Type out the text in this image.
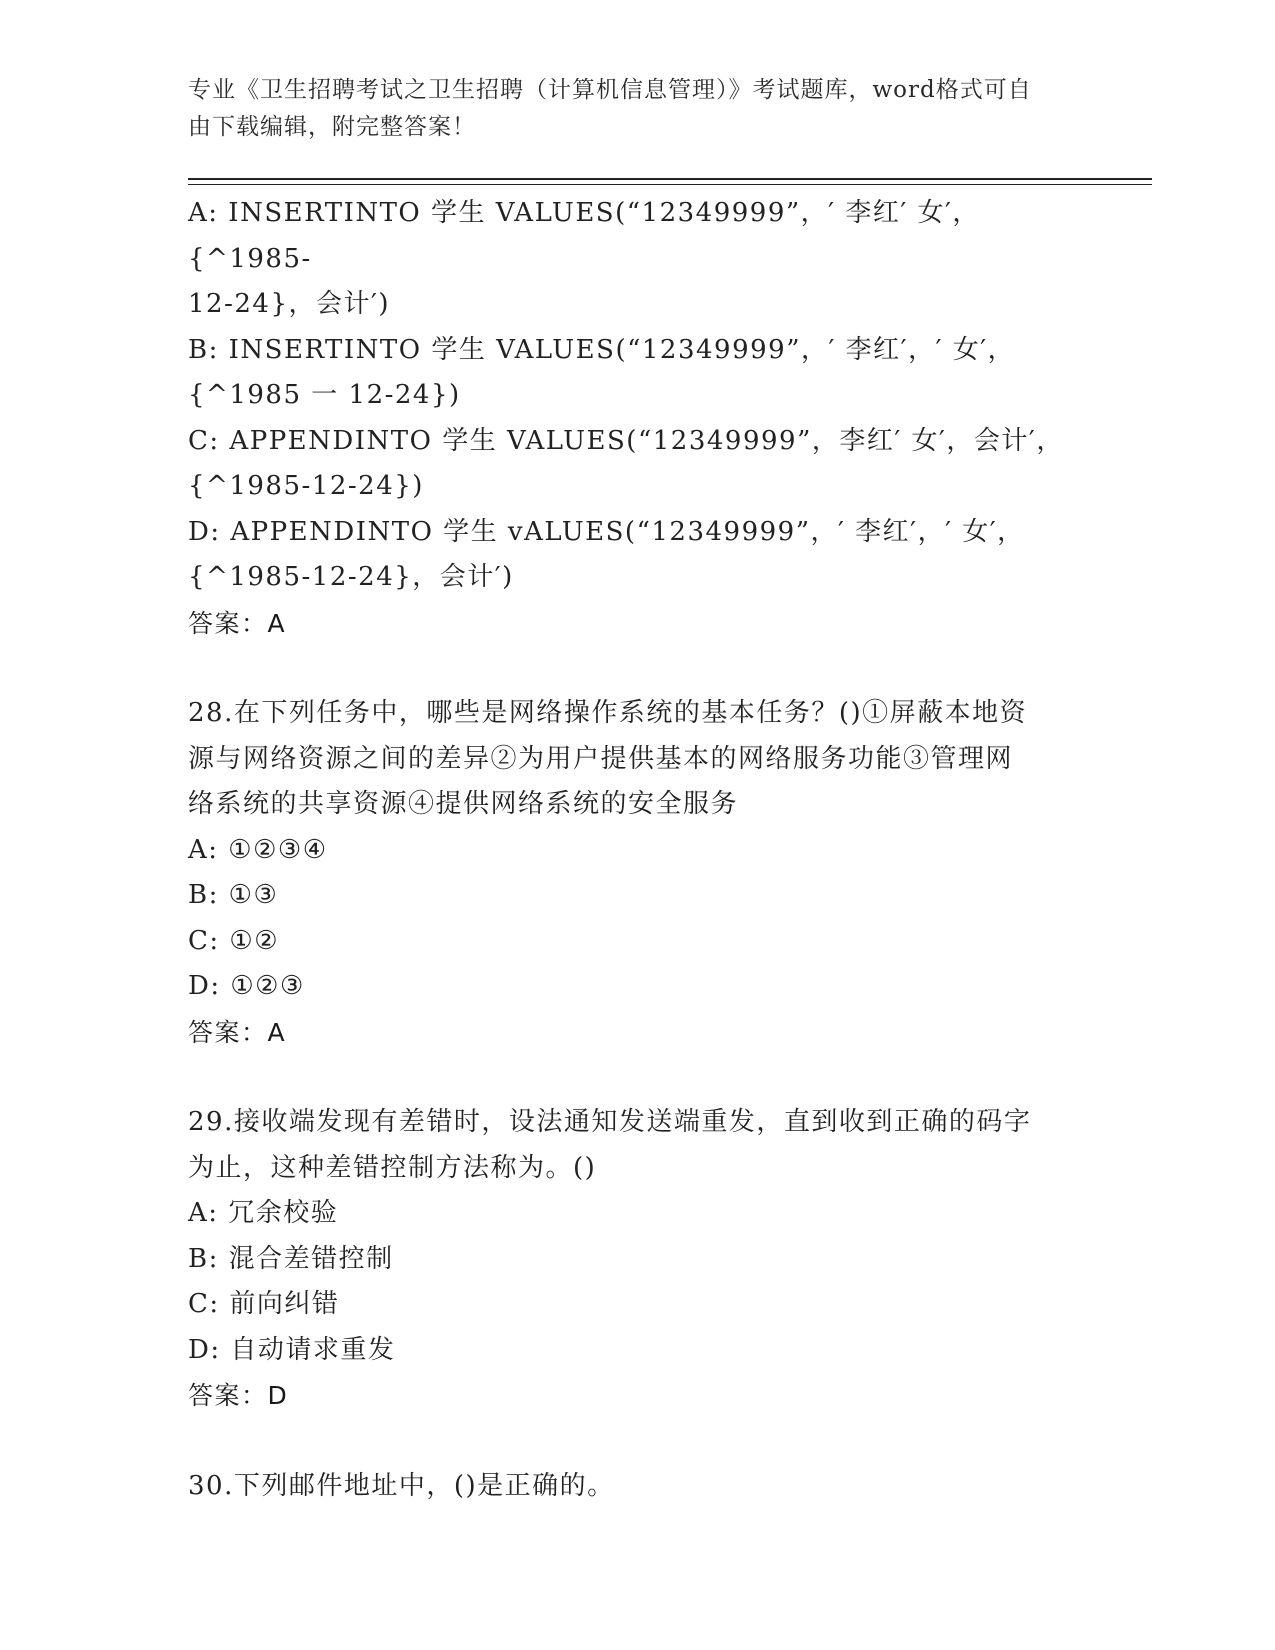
专业《卫生招聘考试之卫生招聘（计算机信息管理）》考试题库，word格式可自
由下载编辑，附完整答案！
A: INSERTINTO 学生 VALUES(“12349999”，′ 李红′ 女′，{^1985-
12-24}，会计′)
B: INSERTINTO 学生 VALUES(“12349999”，′ 李红′，′ 女′，
{^1985 一 12-24})
C: APPENDINTO 学生 VALUES(“12349999”，李红′ 女′，会计′，
{^1985-12-24})
D: APPENDINTO 学生 vALUES(“12349999”，′ 李红′，′ 女′，
{^1985-12-24}，会计′)
答案：A
28.在下列任务中，哪些是网络操作系统的基本任务？()①屏蔽本地资
源与网络资源之间的差异②为用户提供基本的网络服务功能③管理网
络系统的共享资源④提供网络系统的安全服务
A: ①②③④
B: ①③
C: ①②
D: ①②③
答案：A
29.接收端发现有差错时，设法通知发送端重发，直到收到正确的码字
为止，这种差错控制方法称为。()
A: 冗余校验
B: 混合差错控制
C: 前向纠错
D: 自动请求重发
答案：D
30.下列邮件地址中，()是正确的。
